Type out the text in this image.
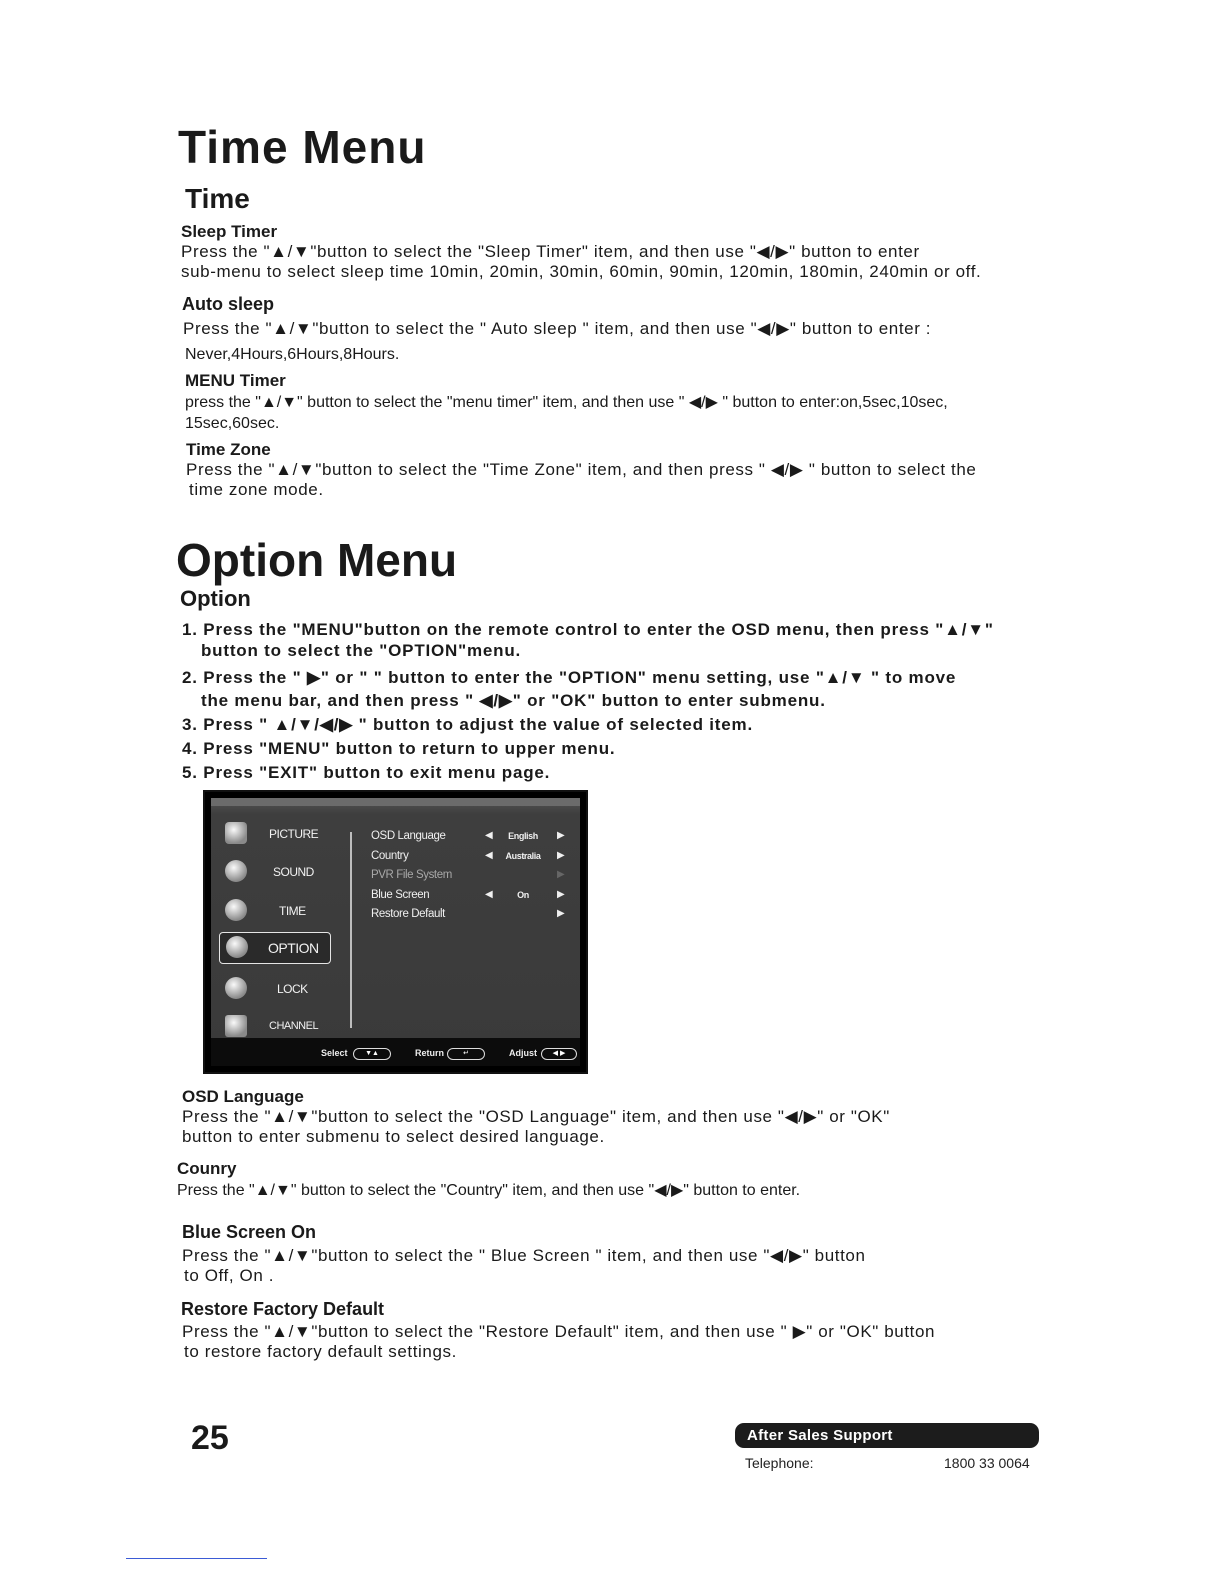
Time Menu
Time
Sleep Timer
Press the "▲/▼"button to select the "Sleep Timer" item, and then use "◀/▶" button to enter
sub-menu to select sleep time 10min, 20min, 30min, 60min, 90min, 120min, 180min, 240min or off.
Auto sleep
Press the "▲/▼"button to select the " Auto sleep " item, and then use "◀/▶" button to enter :
Never,4Hours,6Hours,8Hours.
MENU Timer
press the "▲/▼" button to select the "menu timer" item, and then use " ◀/▶ " button to enter:on,5sec,10sec,
15sec,60sec.
Time Zone
Press the "▲/▼"button to select the "Time Zone" item, and then press " ◀/▶ " button to select the
time zone mode.
Option Menu
Option
1. Press the "MENU"button on the remote control to enter the OSD menu, then press "▲/▼"
button to select the "OPTION"menu.
2. Press the " ▶" or " " button to enter the "OPTION" menu setting, use "▲/▼ " to move
the menu bar, and then press " ◀/▶" or "OK" button to enter submenu.
3. Press " ▲/▼/◀/▶ " button to adjust the value of selected item.
4. Press "MENU" button to return to upper menu.
5. Press "EXIT" button to exit menu page.
PICTURE
SOUND
TIME
OPTION
LOCK
CHANNEL
OSD Language	◀	English	▶
Country	◀	Australia	▶
PVR File System	▶
Blue Screen	◀	On	▶
Restore Default	▶
Select	▼▲	Return	↵	Adjust	◀ ▶
OSD Language
Press the "▲/▼"button to select the "OSD Language" item, and then use "◀/▶" or "OK"
button to enter submenu to select desired language.
Counry
Press the "▲/▼" button to select the "Country" item, and then use "◀/▶" button to enter.
Blue Screen On
Press the "▲/▼"button to select the " Blue Screen " item, and then use "◀/▶" button
to Off, On .
Restore Factory Default
Press the "▲/▼"button to select the "Restore Default" item, and then use " ▶" or "OK" button
to restore factory default settings.
25	After Sales Support
Telephone:	1800 33 0064
